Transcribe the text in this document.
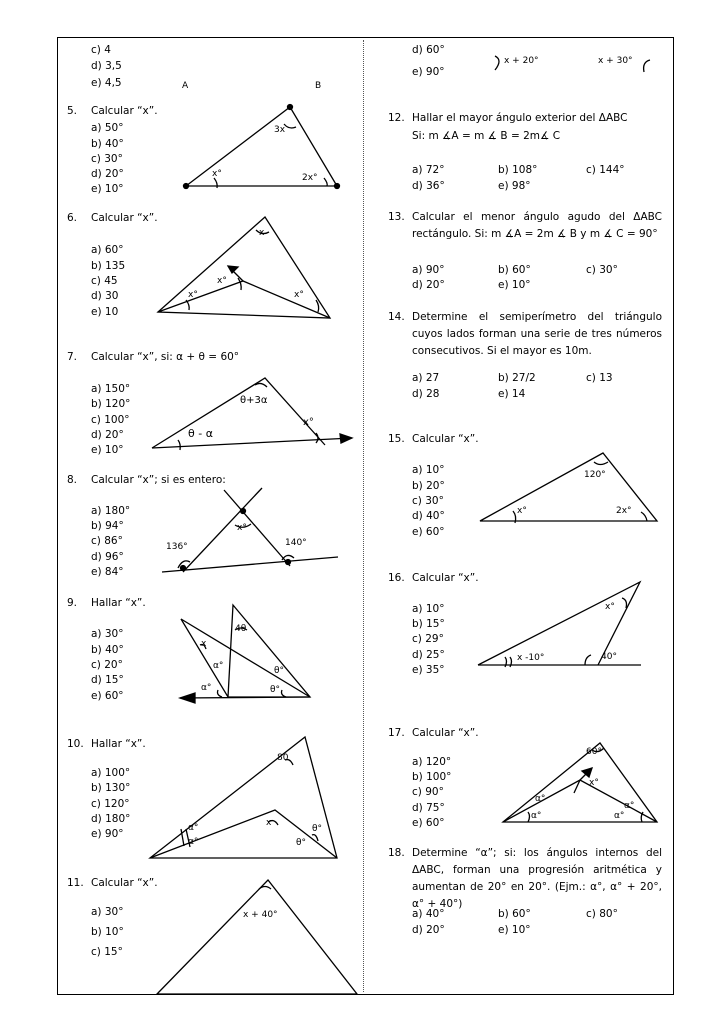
A	B
3x
x°	2x°
x
x°
x°	x°
θ+3α
θ - α
x°
136°	140°
x°
4θ
x
α°
α°
θ°
θ°
80
x
α°
α°
θ°
θ°
x + 40°
x + 20°	x + 30°
120°
x°	2x°
x°
x -10°	40°
60°
x°
α°
α°
α°
α°
c) 4
d) 3,5
e) 4,5
5. Calcular “x”.
a) 50°
b) 40°
c) 30°
d) 20°
e) 10°
6. Calcular “x”.
a) 60°
b) 135
c) 45
d) 30
e) 10
7. Calcular “x”, si: α + θ = 60°
a) 150°
b) 120°
c) 100°
d) 20°
e) 10°
8. Calcular “x”; si es entero:
a) 180°
b) 94°
c) 86°
d) 96°
e) 84°
9. Hallar “x”.
a) 30°
b) 40°
c) 20°
d) 15°
e) 60°
10. Hallar “x”.
a) 100°
b) 130°
c) 120°
d) 180°
e) 90°
11. Calcular “x”.
a) 30°
b) 10°
c) 15°
d) 60°
e) 90°
12. Hallar el mayor ángulo exterior del ΔABC
Si: m ∡A = m ∡ B = 2m∡ C
a) 72°	b) 108°	c) 144°
d) 36°	e) 98°
13. Calcular el menor ángulo agudo del ΔABC rectángulo. Si: m ∡A = 2m ∡ B y m ∡ C = 90°
a) 90°	b) 60°	c) 30°
d) 20°	e) 10°
14. Determine el semiperímetro del triángulo cuyos lados forman una serie de tres números consecutivos. Si el mayor es 10m.
a) 27	b) 27/2	c) 13
d) 28	e) 14
15. Calcular “x”.
a) 10°
b) 20°
c) 30°
d) 40°
e) 60°
16. Calcular “x”.
a) 10°
b) 15°
c) 29°
d) 25°
e) 35°
17. Calcular “x”.
a) 120°
b) 100°
c) 90°
d) 75°
e) 60°
18. Determine “α”; si: los ángulos internos del ΔABC, forman una progresión aritmética y aumentan de 20° en 20°. (Ejm.: α°, α° + 20°, α° + 40°)
a) 40°	b) 60°	c) 80°
d) 20°	e) 10°
